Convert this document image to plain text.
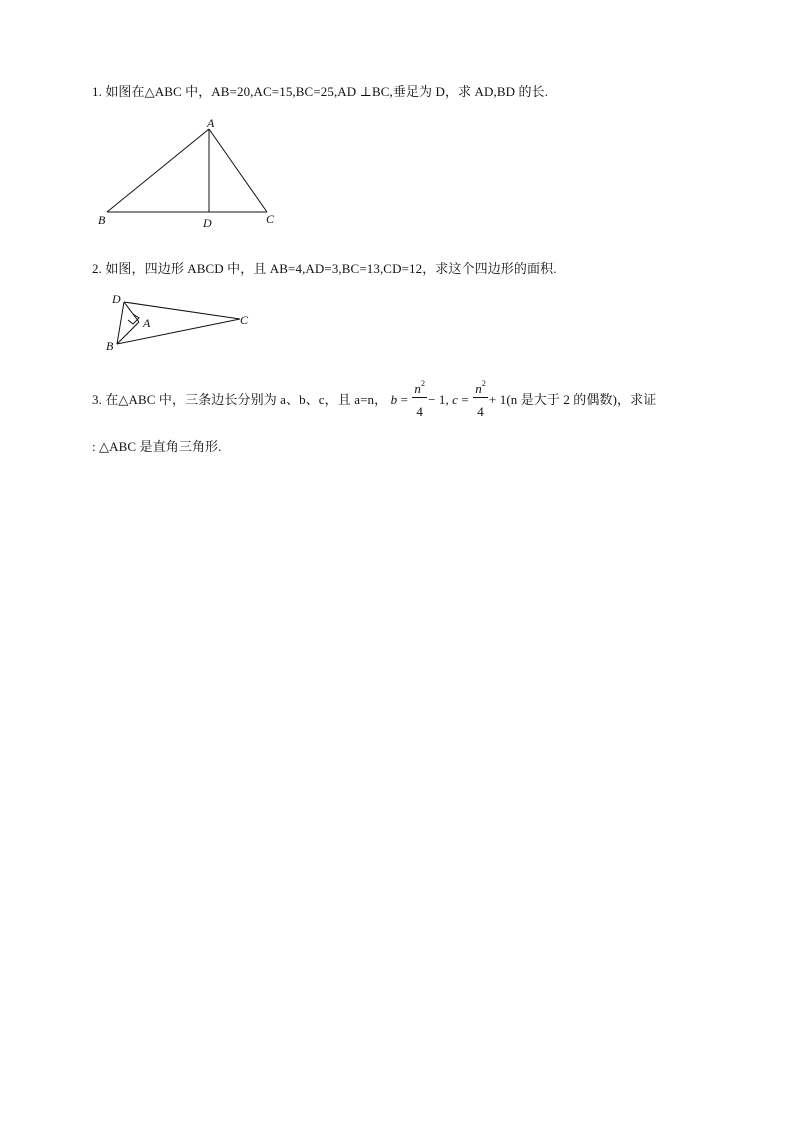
1. 如图在△ABC 中，AB=20,AC=15,BC=25,AD ⊥BC,垂足为 D，求 AD,BD 的长.
A
B	C
D
D
A	C
B
2. 如图，四边形 ABCD 中，且 AB=4,AD=3,BC=13,CD=12，求这个四边形的面积.
3. 在△ABC 中，三条边长分别为 a、b、c，且 a=n， $b = \frac{n^2}{4} - 1$, $c = \frac{n^2}{4} + 1(n$ 是大于 2 的偶数)，求证
: △ABC 是直角三角形.
